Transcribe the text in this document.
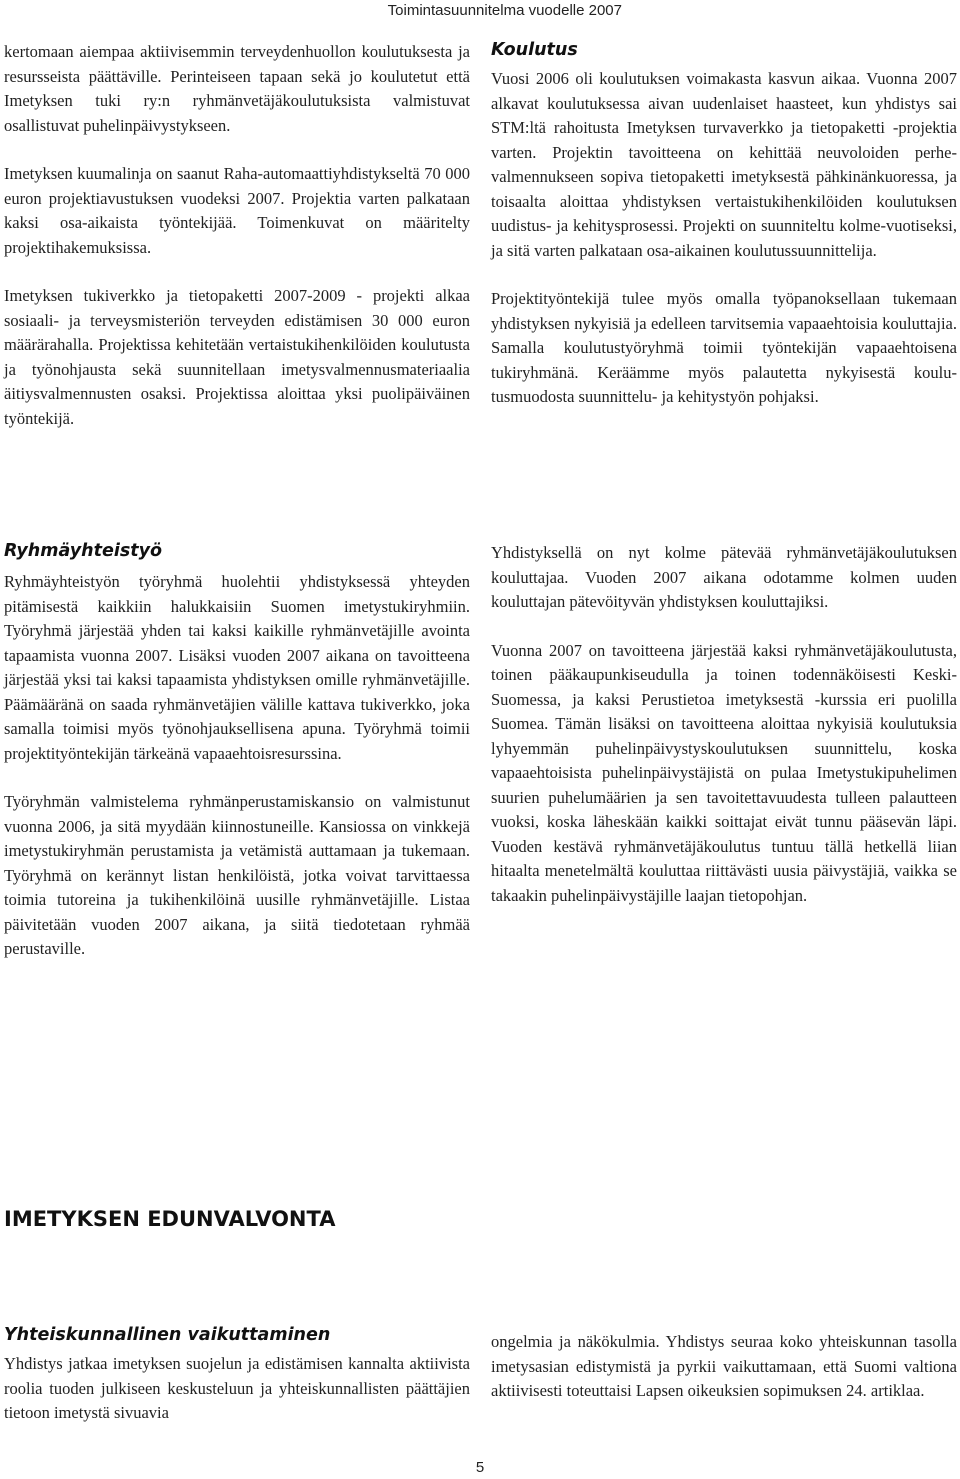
Toimintasuunnitelma vuodelle 2007

kertomaan aiempaa aktiivisemmin terveydenhuollon koulutuksesta ja resursseista päättäville. Perinteiseen tapaan sekä jo koulutetut että Imetyksen tuki ry:n ryhmänvetäjäkoulutuksista valmistuvat osallistuvat puhelinpäivystykseen.

Imetyksen kuumalinja on saanut Raha-automaattiyhdistykseltä 70 000 euron projektiavustuksen vuodeksi 2007. Projektia varten palkataan kaksi osa-aikaista työntekijää. Toimenkuvat on määritelty projektihakemuksissa.

Imetyksen tukiverkko ja tietopaketti 2007-2009 - projekti alkaa sosiaali- ja terveysmisteriön terveyden edistämisen 30 000 euron määrärahalla. Projektissa kehitetään vertaistukihenkilöiden koulutusta ja työnohjausta sekä suunnitellaan imetysvalmennusmateriaalia äitiysvalmennusten osaksi. Projektissa aloittaa yksi puolipäiväinen työntekijä.

Ryhmäyhteistyö

Ryhmäyhteistyön työryhmä huolehtii yhdistyksessä yhteyden pitämisestä kaikkiin halukkaisiin Suomen imetystukiryhmiin. Työryhmä järjestää yhden tai kaksi kaikille ryhmänvetäjille avointa tapaamista vuonna 2007. Lisäksi vuoden 2007 aikana on tavoitteena järjestää yksi tai kaksi tapaamista yhdistyksen omille ryhmänvetäjille. Päämääränä on saada ryhmänvetäjien välille kattava tukiverkko, joka samalla toimisi myös työnohjauksellisena apuna. Työryhmä toimii projektityöntekijän tärkeänä vapaaehtoisresurssina.

Työryhmän valmistelema ryhmänperustamiskansio on valmistunut vuonna 2006, ja sitä myydään kiinnostuneille. Kansiossa on vinkkejä imetystukiryhmän perustamista ja vetämistä auttamaan ja tukemaan. Työryhmä on kerännyt listan henkilöistä, jotka voivat tarvittaessa toimia tutoreina ja tukihenkilöinä uusille ryhmänvetäjille. Listaa päivitetään vuoden 2007 aikana, ja siitä tiedotetaan ryhmää perustaville.

Koulutus

Vuosi 2006 oli koulutuksen voimakasta kasvun aikaa. Vuonna 2007 alkavat koulutuksessa aivan uudenlaiset haasteet, kun yhdistys sai STM:ltä rahoitusta Imetyksen turvaverkko ja tietopaketti -projektia varten. Projektin tavoitteena on kehittää neuvoloiden perhe-valmennukseen sopiva tietopaketti imetyksestä pähkinänkuoressa, ja toisaalta aloittaa yhdistyksen vertaistukihenkilöiden koulutuksen uudistus- ja kehitysprosessi. Projekti on suunniteltu kolme-vuotiseksi, ja sitä varten palkataan osa-aikainen koulutussuunnittelija.

Projektityöntekijä tulee myös omalla työpanoksellaan tukemaan yhdistyksen nykyisiä ja edelleen tarvitsemia vapaaehtoisia kouluttajia. Samalla koulutustyöryhmä toimii työntekijän vapaaehtoisena tukiryhmänä. Keräämme myös palautetta nykyisestä koulu-tusmuodosta suunnittelu- ja kehitystyön pohjaksi.

Yhdistyksellä on nyt kolme pätevää ryhmänvetäjäkoulutuksen kouluttajaa. Vuoden 2007 aikana odotamme kolmen uuden kouluttajan pätevöityvän yhdistyksen kouluttajiksi.

Vuonna 2007 on tavoitteena järjestää kaksi ryhmänvetäjäkoulutusta, toinen pääkaupunkiseudulla ja toinen todennäköisesti Keski-Suomessa, ja kaksi Perustietoa imetyksestä -kurssia eri puolilla Suomea. Tämän lisäksi on tavoitteena aloittaa nykyisiä koulutuksia lyhyemmän puhelinpäivystyskoulutuksen suunnittelu, koska vapaaehtoisista puhelinpäivystäjistä on pulaa Imetystukipuhelimen suurien puhelumäärien ja sen tavoitettavuudesta tulleen palautteen vuoksi, koska läheskään kaikki soittajat eivät tunnu pääsevän läpi. Vuoden kestävä ryhmänvetäjäkoulutus tuntuu tällä hetkellä liian hitaalta menetelmältä kouluttaa riittävästi uusia päivystäjiä, vaikka se takaakin puhelinpäivystäjille laajan tietopohjan.

IMETYKSEN EDUNVALVONTA
Yhteiskunnallinen vaikuttaminen

Yhdistys jatkaa imetyksen suojelun ja edistämisen kannalta aktiivista roolia tuoden julkiseen keskusteluun ja yhteiskunnallisten päättäjien tietoon imetystä sivuavia

ongelmia ja näkökulmia. Yhdistys seuraa koko yhteiskunnan tasolla imetysasian edistymistä ja pyrkii vaikuttamaan, että Suomi valtiona aktiivisesti toteuttaisi Lapsen oikeuksien sopimuksen 24. artiklaa.

5
